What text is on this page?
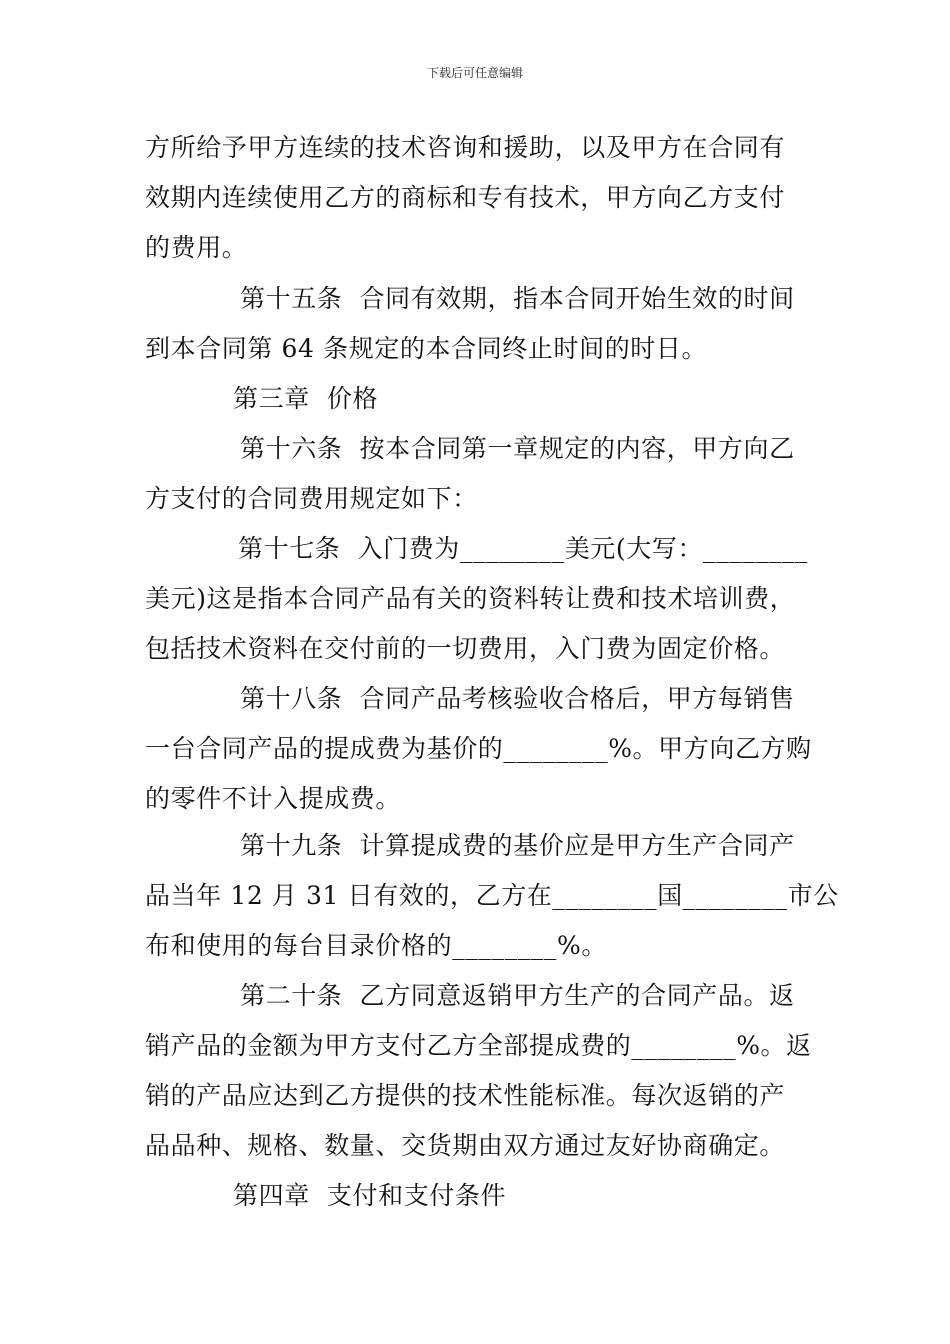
下载后可任意编辑
方所给予甲方连续的技术咨询和援助，以及甲方在合同有
效期内连续使用乙方的商标和专有技术，甲方向乙方支付
的费用。
第十五条  合同有效期，指本合同开始生效的时间
到本合同第 64 条规定的本合同终止时间的时日。
第三章  价格
第十六条  按本合同第一章规定的内容，甲方向乙
方支付的合同费用规定如下：
第十七条  入门费为________美元(大写：________
美元)这是指本合同产品有关的资料转让费和技术培训费，
包括技术资料在交付前的一切费用，入门费为固定价格。
第十八条  合同产品考核验收合格后，甲方每销售
一台合同产品的提成费为基价的________%。甲方向乙方购
的零件不计入提成费。
第十九条  计算提成费的基价应是甲方生产合同产
品当年 12 月 31 日有效的，乙方在________国________市公
布和使用的每台目录价格的________%。
第二十条  乙方同意返销甲方生产的合同产品。返
销产品的金额为甲方支付乙方全部提成费的________%。返
销的产品应达到乙方提供的技术性能标准。每次返销的产
品品种、规格、数量、交货期由双方通过友好协商确定。
第四章  支付和支付条件
